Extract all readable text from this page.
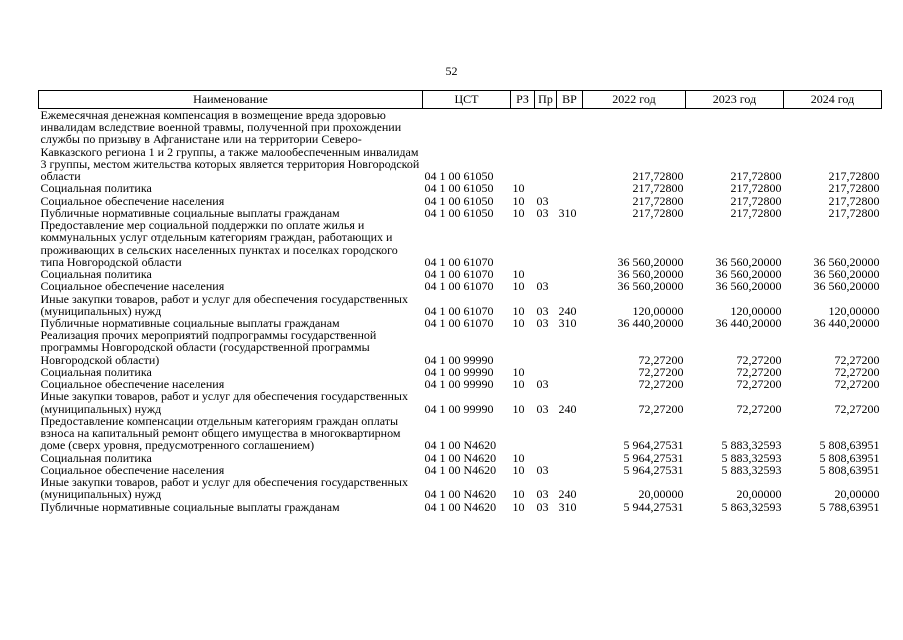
52
Наименование	ЦСТ	РЗ	Пр	ВР	2022 год	2023 год	2024 год
Ежемесячная денежная компенсация в возмещение вреда здоровью инвалидам вследствие военной травмы, полученной при прохождении службы по призыву в Афганистане или на территории Северо-Кавказского региона 1 и 2 группы, а также малообеспеченным инвалидам 3 группы, местом жительства которых является территория Новгородской области	04 1 00 61050				217,72800	217,72800	217,72800
Социальная политика	04 1 00 61050	10			217,72800	217,72800	217,72800
Социальное обеспечение населения	04 1 00 61050	10	03		217,72800	217,72800	217,72800
Публичные нормативные социальные выплаты гражданам	04 1 00 61050	10	03	310	217,72800	217,72800	217,72800
Предоставление мер социальной поддержки по оплате жилья и коммунальных услуг отдельным категориям граждан, работающих и проживающих в сельских населенных пунктах и поселках городского типа Новгородской области	04 1 00 61070				36 560,20000	36 560,20000	36 560,20000
Социальная политика	04 1 00 61070	10			36 560,20000	36 560,20000	36 560,20000
Социальное обеспечение населения	04 1 00 61070	10	03		36 560,20000	36 560,20000	36 560,20000
Иные закупки товаров, работ и услуг для обеспечения государственных (муниципальных) нужд	04 1 00 61070	10	03	240	120,00000	120,00000	120,00000
Публичные нормативные социальные выплаты гражданам	04 1 00 61070	10	03	310	36 440,20000	36 440,20000	36 440,20000
Реализация прочих мероприятий подпрограммы государственной программы Новгородской области (государственной программы Новгородской области)	04 1 00 99990				72,27200	72,27200	72,27200
Социальная политика	04 1 00 99990	10			72,27200	72,27200	72,27200
Социальное обеспечение населения	04 1 00 99990	10	03		72,27200	72,27200	72,27200
Иные закупки товаров, работ и услуг для обеспечения государственных (муниципальных) нужд	04 1 00 99990	10	03	240	72,27200	72,27200	72,27200
Предоставление компенсации отдельным категориям граждан оплаты взноса на капитальный ремонт общего имущества в многоквартирном доме (сверх уровня, предусмотренного соглашением)	04 1 00 N4620				5 964,27531	5 883,32593	5 808,63951
Социальная политика	04 1 00 N4620	10			5 964,27531	5 883,32593	5 808,63951
Социальное обеспечение населения	04 1 00 N4620	10	03		5 964,27531	5 883,32593	5 808,63951
Иные закупки товаров, работ и услуг для обеспечения государственных (муниципальных) нужд	04 1 00 N4620	10	03	240	20,00000	20,00000	20,00000
Публичные нормативные социальные выплаты гражданам	04 1 00 N4620	10	03	310	5 944,27531	5 863,32593	5 788,63951
